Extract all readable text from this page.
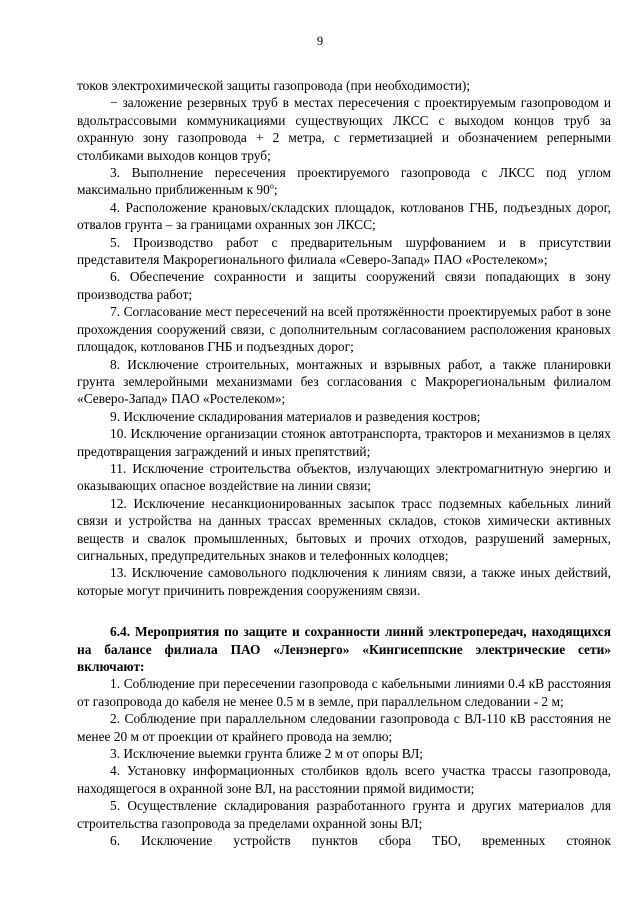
9

токов электрохимической защиты газопровода (при необходимости);

− заложение резервных труб в местах пересечения с проектируемым газопроводом и вдольтрассовыми коммуникациями существующих ЛКСС с выходом концов труб за охранную зону газопровода + 2 метра, с герметизацией и обозначением реперными столбиками выходов концов труб;

3. Выполнение пересечения проектируемого газопровода с ЛКСС под углом максимально приближенным к 90$^o$;

4. Расположение крановых/складских площадок, котлованов ГНБ, подъездных дорог, отвалов грунта – за границами охранных зон ЛКСС;

5. Производство работ с предварительным шурфованием и в присутствии представителя Макрорегионального филиала «Северо-Запад» ПАО «Ростелеком»;

6. Обеспечение сохранности и защиты сооружений связи попадающих в зону производства работ;

7. Согласование мест пересечений на всей протяжённости проектируемых работ в зоне прохождения сооружений связи, с дополнительным согласованием расположения крановых площадок, котлованов ГНБ и подъездных дорог;

8. Исключение строительных, монтажных и взрывных работ, а также планировки грунта землеройными механизмами без согласования с Макрорегиональным филиалом «Северо-Запад» ПАО «Ростелеком»;

9. Исключение складирования материалов и разведения костров;

10. Исключение организации стоянок автотранспорта, тракторов и механизмов в целях предотвращения заграждений и иных препятствий;

11. Исключение строительства объектов, излучающих электромагнитную энергию и оказывающих опасное воздействие на линии связи;

12. Исключение несанкционированных засыпок трасс подземных кабельных линий связи и устройства на данных трассах временных складов, стоков химически активных веществ и свалок промышленных, бытовых и прочих отходов, разрушений замерных, сигнальных, предупредительных знаков и телефонных колодцев;

13. Исключение самовольного подключения к линиям связи, а также иных действий, которые могут причинить повреждения сооружениям связи.

6.4. Мероприятия по защите и сохранности линий электропередач, находящихся на балансе филиала ПАО «Ленэнерго» «Кингисеппские электрические сети» включают:

1. Соблюдение при пересечении газопровода с кабельными линиями 0.4 кВ расстояния от газопровода до кабеля не менее 0.5 м в земле, при параллельном следовании - 2 м;

2. Соблюдение при параллельном следовании газопровода с ВЛ-110 кВ расстояния не менее 20 м от проекции от крайнего провода на землю;

3. Исключение выемки грунта ближе 2 м от опоры ВЛ;

4. Установку информационных столбиков вдоль всего участка трассы газопровода, находящегося в охранной зоне ВЛ, на расстоянии прямой видимости;

5. Осуществление складирования разработанного грунта и других материалов для строительства газопровода за пределами охранной зоны ВЛ;

6. Исключение устройств пунктов сбора ТБО, временных стоянок
